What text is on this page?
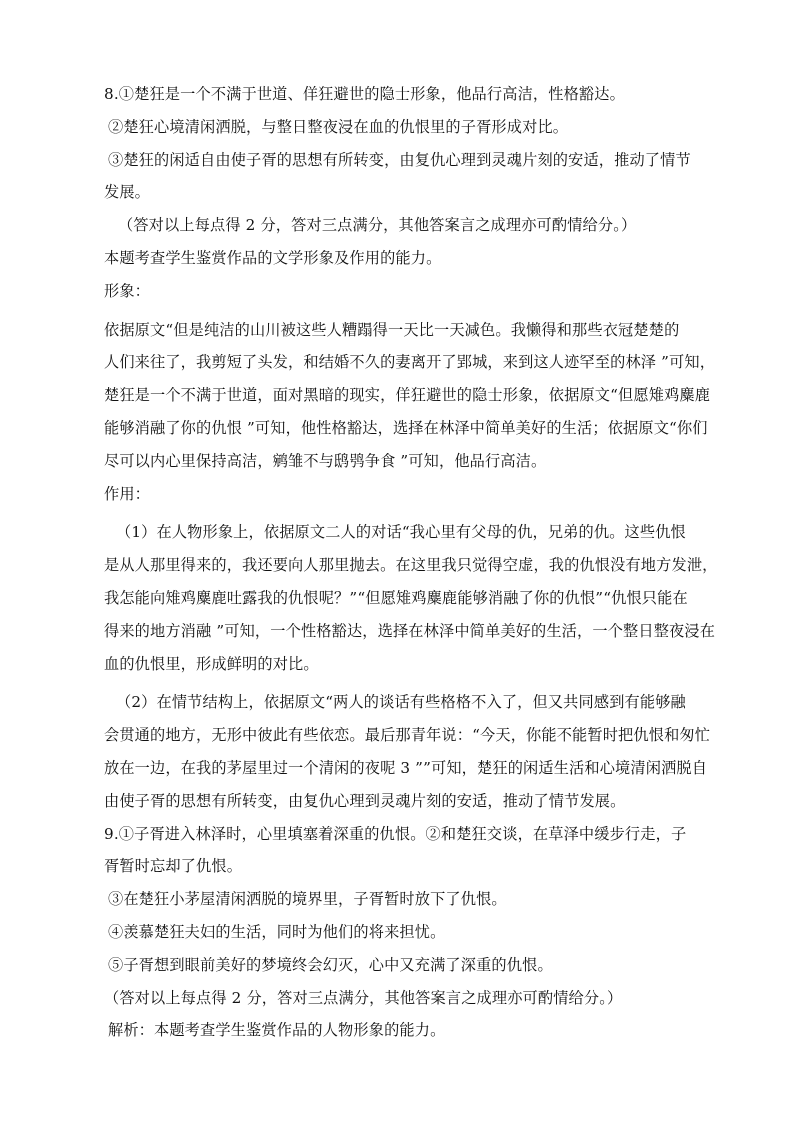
8.①楚狂是一个不满于世道、佯狂避世的隐士形象，他品行高洁，性格豁达。
②楚狂心境清闲洒脱，与整日整夜浸在血的仇恨里的子胥形成对比。
③楚狂的闲适自由使子胥的思想有所转变，由复仇心理到灵魂片刻的安适，推动了情节
发展。
（答对以上每点得 2 分，答对三点满分，其他答案言之成理亦可酌情给分。）
本题考查学生鉴赏作品的文学形象及作用的能力。
形象：
依据原文“但是纯洁的山川被这些人糟蹋得一天比一天减色。我懒得和那些衣冠楚楚的
人们来往了，我剪短了头发，和结婚不久的妻离开了郢城，来到这人迹罕至的林泽 ”可知，
楚狂是一个不满于世道，面对黑暗的现实，佯狂避世的隐士形象，依据原文“但愿雉鸡麋鹿
能够消融了你的仇恨 ”可知，他性格豁达，选择在林泽中简单美好的生活；依据原文“你们
尽可以内心里保持高洁，鹓雏不与鸱鸮争食 ”可知，他品行高洁。
作用：
（1）在人物形象上，依据原文二人的对话“我心里有父母的仇，兄弟的仇。这些仇恨
是从人那里得来的，我还要向人那里抛去。在这里我只觉得空虚，我的仇恨没有地方发泄，
我怎能向雉鸡麋鹿吐露我的仇恨呢？”“但愿雉鸡麋鹿能够消融了你的仇恨”“仇恨只能在
得来的地方消融 ”可知，一个性格豁达，选择在林泽中简单美好的生活，一个整日整夜浸在
血的仇恨里，形成鲜明的对比。
（2）在情节结构上，依据原文“两人的谈话有些格格不入了，但又共同感到有能够融
会贯通的地方，无形中彼此有些依恋。最后那青年说：“今天，你能不能暂时把仇恨和匆忙
放在一边，在我的茅屋里过一个清闲的夜呢 3 ””可知，楚狂的闲适生活和心境清闲洒脱自
由使子胥的思想有所转变，由复仇心理到灵魂片刻的安适，推动了情节发展。
9.①子胥进入林泽时，心里填塞着深重的仇恨。②和楚狂交谈，在草泽中缓步行走，子
胥暂时忘却了仇恨。
③在楚狂小茅屋清闲洒脱的境界里，子胥暂时放下了仇恨。
④羡慕楚狂夫妇的生活，同时为他们的将来担忧。
⑤子胥想到眼前美好的梦境终会幻灭，心中又充满了深重的仇恨。
（答对以上每点得 2 分，答对三点满分，其他答案言之成理亦可酌情给分。）
解析：本题考查学生鉴赏作品的人物形象的能力。
